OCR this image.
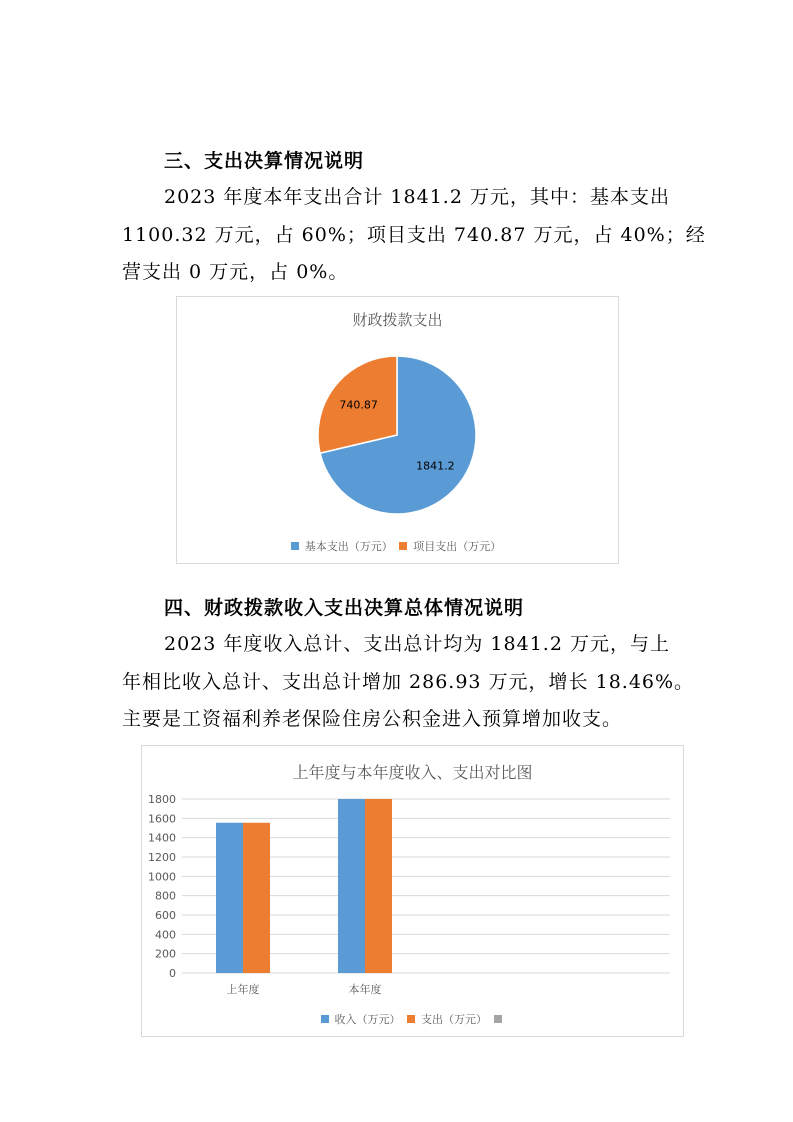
三、支出决算情况说明
2023 年度本年支出合计 1841.2 万元，其中：基本支出
1100.32 万元，占 60%；项目支出 740.87 万元，占 40%；经
营支出 0 万元，占 0%。
财政拨款支出
1841.2
740.87
基本支出（万元） 项目支出（万元）
四、财政拨款收入支出决算总体情况说明
2023 年度收入总计、支出总计均为 1841.2 万元，与上
年相比收入总计、支出总计增加 286.93 万元，增长 18.46%。
主要是工资福利养老保险住房公积金进入预算增加收支。
上年度与本年度收入、支出对比图
0
200
400
600
800
1000
1200
1400
1600
1800
上年度	本年度
收入（万元） 支出（万元）
